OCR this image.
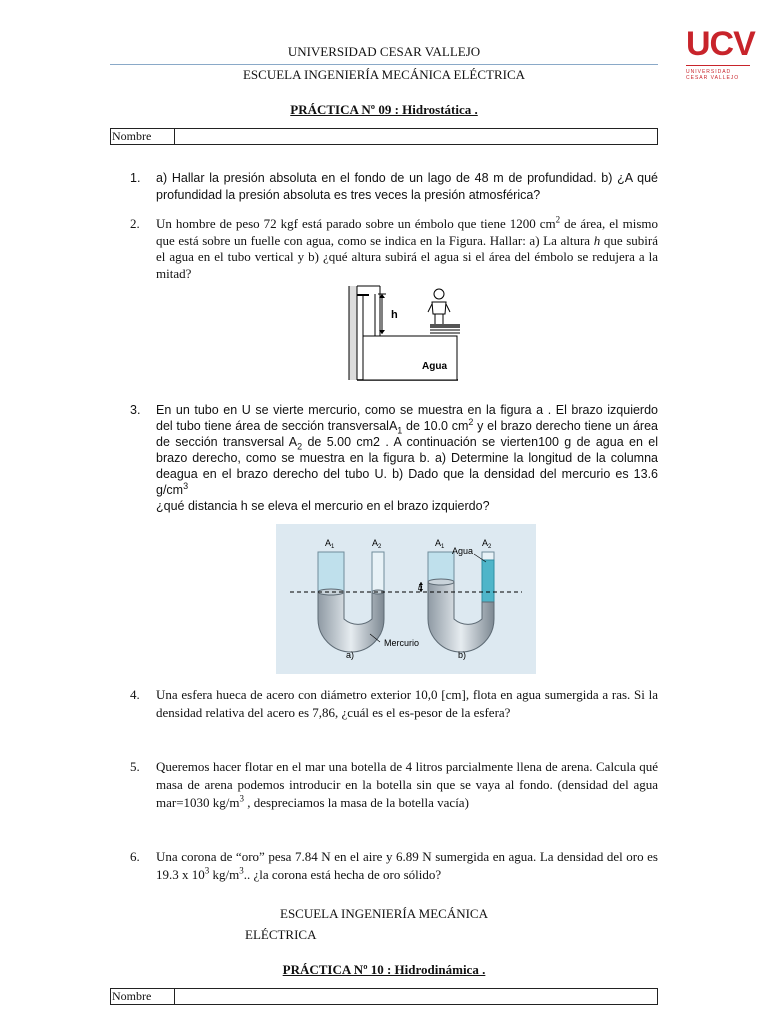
UCV
UNIVERSIDAD CESAR VALLEJO
UNIVERSIDAD CESAR VALLEJO
ESCUELA INGENIERÍA MECÁNICA ELÉCTRICA
PRÁCTICA Nº 09 : Hidrostática .
Nombre
1. a) Hallar la presión absoluta en el fondo de un lago de 48 m de profundidad. b) ¿A qué profundidad la presión absoluta es tres veces la presión atmosférica?
2. Un hombre de peso 72 kgf está parado sobre un émbolo que tiene 1200 $cm^2$ de área, el mismo que está sobre un fuelle con agua, como se indica en la Figura. Hallar: a) La altura h que subirá el agua en el tubo vertical y b) ¿qué altura subirá el agua si el área del émbolo se redujera a la mitad?
h
Agua
3. En un tubo en U se vierte mercurio, como se muestra en la figura a . El brazo izquierdo del tubo tiene área de sección transversalA$_1$ de 10.0 $cm^2$ y el brazo derecho tiene un área de sección transversal $A_2$ de 5.00 cm2 . A continuación se vierten100 g de agua en el brazo derecho, como se muestra en la figura b. a) Determine la longitud de la columna deagua en el brazo derecho del tubo U. b) Dado que la densidad del mercurio es 13.6 $g/cm^3$
¿qué distancia h se eleva el mercurio en el brazo izquierdo?
h
$A_1$	$A_2$	$A_1$	$A_2$
Agua
Mercurio
a)	b)
4. Una esfera hueca de acero con diámetro exterior 10,0 [cm], flota en agua sumergida a ras. Si la densidad relativa del acero es 7,86, ¿cuál es el es-pesor de la esfera?
5. Queremos hacer flotar en el mar una botella de 4 litros parcialmente llena de arena. Calcula qué masa de arena podemos introducir en la botella sin que se vaya al fondo. (densidad del agua mar=1030 $kg/m^3$ , despreciamos la masa de la botella vacía)
6. Una corona de “oro” pesa 7.84 N en el aire y 6.89 N sumergida en agua. La densidad del oro es 19.3 x $10^3$ $kg/m^3$.. ¿la corona está hecha de oro sólido?
ESCUELA INGENIERÍA MECÁNICA
ELÉCTRICA
PRÁCTICA Nº 10 : Hidrodinámica .
Nombre
